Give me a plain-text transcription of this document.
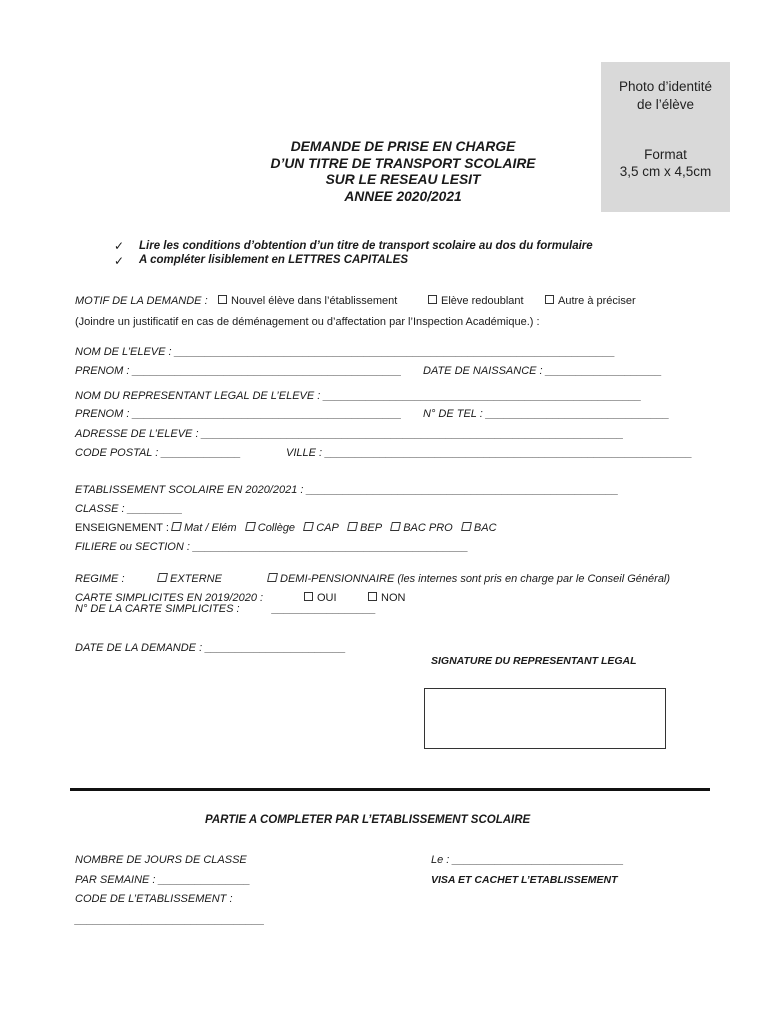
Photo d’identité
de l’élève
Format
3,5 cm x 4,5cm
DEMANDE DE PRISE EN CHARGE
D’UN TITRE DE TRANSPORT SCOLAIRE
SUR LE RESEAU LESIT
ANNEE 2020/2021
✓ Lire les conditions d’obtention d’un titre de transport scolaire au dos du formulaire
✓ A compléter lisiblement en LETTRES CAPITALES
MOTIF DE LA DEMANDE :	Nouvel élève dans l’établissement	Elève redoublant	Autre à préciser
(Joindre un justificatif en cas de déménagement ou d’affectation par l’Inspection Académique.) :
NOM DE L’ELEVE : ________________________________________________________________________
PRENOM : ____________________________________________ DATE DE NAISSANCE : ___________________
NOM DU REPRESENTANT LEGAL DE L’ELEVE : ____________________________________________________
PRENOM : ____________________________________________ N° DE TEL : ______________________________
ADRESSE DE L’ELEVE : _____________________________________________________________________
CODE POSTAL : _____________	VILLE : ____________________________________________________________
ETABLISSEMENT SCOLAIRE EN 2020/2021 : ___________________________________________________
CLASSE : _________
ENSEIGNEMENT : Mat / Elém Collège CAP BEP BAC PRO BAC
FILIERE ou SECTION : _____________________________________________
REGIME :	EXTERNE	DEMI-PENSIONNAIRE (les internes sont pris en charge par le Conseil Général)
CARTE SIMPLICITES EN 2019/2020 :	OUI	NON
N° DE LA CARTE SIMPLICITES :	_________________
DATE DE LA DEMANDE : _______________________
SIGNATURE DU REPRESENTANT LEGAL
PARTIE A COMPLETER PAR L’ETABLISSEMENT SCOLAIRE
NOMBRE DE JOURS DE CLASSE
PAR SEMAINE : _______________
CODE DE L’ETABLISSEMENT :
_______________________________
Le : ____________________________
VISA ET CACHET L’ETABLISSEMENT
